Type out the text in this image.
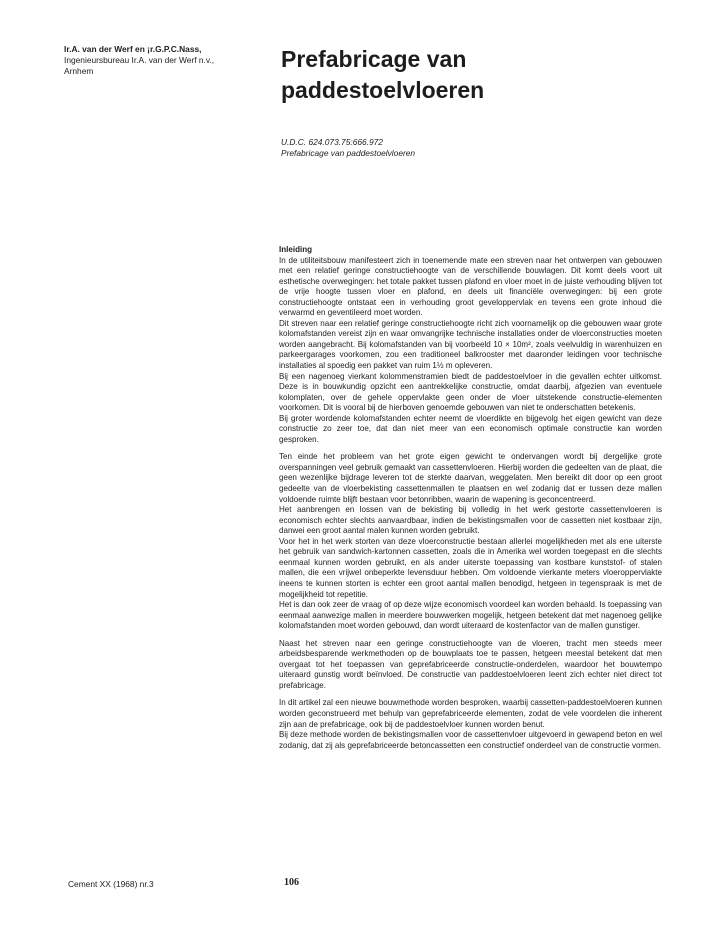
Ir.A. van der Werf en ¡r.G.P.C.Nass,
Ingenieursbureau Ir.A. van der Werf n.v.,
Arnhem	Prefabricage van
paddestoelvloeren
U.D.C. 624.073.75:666.972
Prefabricage van paddestoelvloeren

Inleiding

In de utiliteitsbouw manifesteert zich in toenemende mate een streven naar het ontwerpen van gebouwen met een relatief geringe constructiehoogte van de verschillende bouwlagen. Dit komt deels voort uit esthetische overwegingen: het totale pakket tussen plafond en vloer moet in de juiste verhouding blijven tot de vrije hoogte tussen vloer en plafond, en deels uit financiële overwegingen: bij een grote constructiehoogte ontstaat een in verhouding groot geveloppervlak en tevens een grote inhoud die verwarmd en geventileerd moet worden.

Dit streven naar een relatief geringe constructiehoogte richt zich voornamelijk op die gebouwen waar grote kolomafstanden vereist zijn en waar omvangrijke technische installaties onder de vloerconstructies moeten worden aangebracht. Bij kolomafstanden van bij voorbeeld 10 × 10m², zoals veelvuldig in warenhuizen en parkeergarages voorkomen, zou een traditioneel balkrooster met daaronder leidingen voor technische installaties al spoedig een pakket van ruim 1½ m opleveren.

Bij een nagenoeg vierkant kolommenstramien biedt de paddestoelvloer in die gevallen echter uitkomst. Deze is in bouwkundig opzicht een aantrekkelijke constructie, omdat daarbij, afgezien van eventuele kolomplaten, over de gehele oppervlakte geen onder de vloer uitstekende constructie-elementen voorkomen. Dit is vooral bij de hierboven genoemde gebouwen van niet te onderschatten betekenis.

Bij groter wordende kolomafstanden echter neemt de vloerdikte en bijgevolg het eigen gewicht van deze constructie zo zeer toe, dat dan niet meer van een economisch optimale constructie kan worden gesproken.

Ten einde het probleem van het grote eigen gewicht te ondervangen wordt bij dergelijke grote overspanningen veel gebruik gemaakt van cassettenvloeren. Hierbij worden die gedeelten van de plaat, die geen wezenlijke bijdrage leveren tot de sterkte daarvan, weggelaten. Men bereikt dit door op een groot gedeelte van de vloerbekisting cassettenmallen te plaatsen en wel zodanig dat er tussen deze mallen voldoende ruimte blijft bestaan voor betonribben, waarin de wapening is geconcentreerd.

Het aanbrengen en lossen van de bekisting bij volledig in het werk gestorte cassettenvloeren is economisch echter slechts aanvaardbaar, indien de bekistingsmallen voor de cassetten niet kostbaar zijn, danwei een groot aantal malen kunnen worden gebruikt.

Voor het in het werk storten van deze vloerconstructie bestaan allerlei mogelijkheden met als ene uiterste het gebruik van sandwich-kartonnen cassetten, zoals die in Amerika wel worden toegepast en die slechts eenmaal kunnen worden gebruikt, en als ander uiterste toepassing van kostbare kunststof- of stalen mallen, die een vrijwel onbeperkte levensduur hebben. Om voldoende vierkante meters vloeroppervlakte ineens te kunnen storten is echter een groot aantal mallen benodigd, hetgeen in tegenspraak is met de mogelijkheid tot repetitie.

Het is dan ook zeer de vraag of op deze wijze economisch voordeel kan worden behaald. Is toepassing van eenmaal aanwezige mallen in meerdere bouwwerken mogelijk, hetgeen betekent dat met nagenoeg gelijke kolomafstanden moet worden gebouwd, dan wordt uiteraard de kostenfactor van de mallen gunstiger.

Naast het streven naar een geringe constructiehoogte van de vloeren, tracht men steeds meer arbeidsbesparende werkmethoden op de bouwplaats toe te passen, hetgeen meestal betekent dat men overgaat tot het toepassen van geprefabriceerde constructie-onderdelen, waardoor het bouwtempo uiteraard gunstig wordt beïnvloed. De constructie van paddestoelvloeren leent zich echter niet direct tot prefabricage.

In dit artikel zal een nieuwe bouwmethode worden besproken, waarbij cassetten-paddestoelvloeren kunnen worden geconstrueerd met behulp van geprefabriceerde elementen, zodat de vele voordelen die inherent zijn aan de prefabricage, ook bij de paddestoelvloer kunnen worden benut.

Bij deze methode worden de bekistingsmallen voor de cassettenvloer uitgevoerd in gewapend beton en wel zodanig, dat zij als geprefabriceerde betoncassetten een constructief onderdeel van de constructie vormen.

Cement XX (1968) nr.3	106
